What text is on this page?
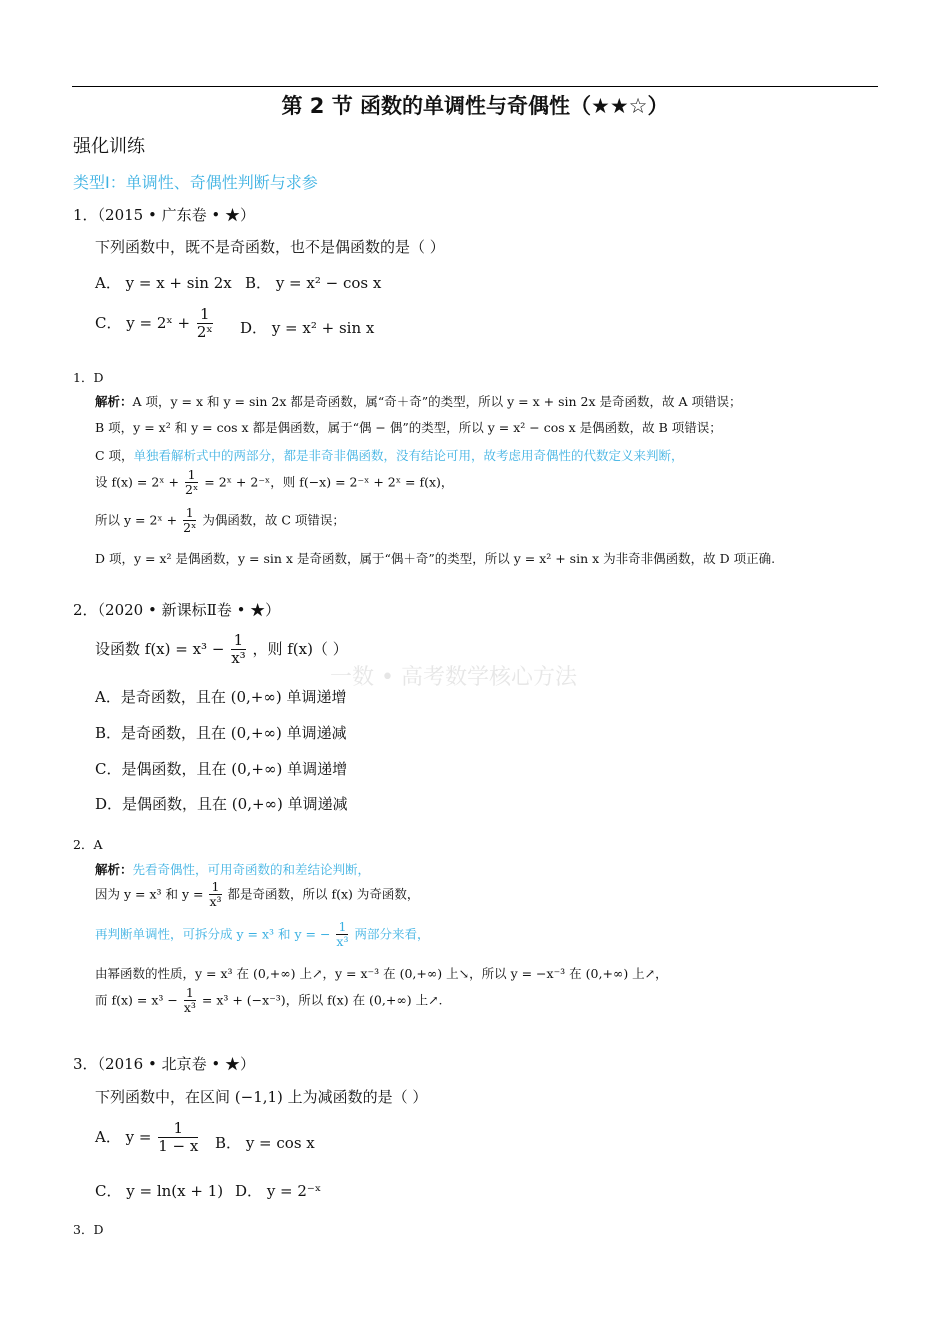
第 2 节 函数的单调性与奇偶性（★★☆）
强化训练
类型Ⅰ：单调性、奇偶性判断与求参
一数 • 高考数学核心方法
1．（2015 • 广东卷 • ★）
下列函数中，既不是奇函数，也不是偶函数的是（ ）
A． y = x + sin 2x B． y = x² − cos x
C． y = 2ˣ + $\frac{1}{\text{2ˣ}}$ D． y = x² + sin x
1．D
解析：A 项，y = x 和 y = sin 2x 都是奇函数，属“奇＋奇”的类型，所以 y = x + sin 2x 是奇函数，故 A 项错误；
B 项，y = x² 和 y = cos x 都是偶函数，属于“偶 − 偶”的类型，所以 y = x² − cos x 是偶函数，故 B 项错误；
C 项，单独看解析式中的两部分，都是非奇非偶函数，没有结论可用，故考虑用奇偶性的代数定义来判断，
设 f(x) = 2ˣ + $\frac{1}{\text{2ˣ}}$ = 2ˣ + 2⁻ˣ，则 f(−x) = 2⁻ˣ + 2ˣ = f(x)，
所以 y = 2ˣ + $\frac{1}{\text{2ˣ}}$ 为偶函数，故 C 项错误；
D 项，y = x² 是偶函数，y = sin x 是奇函数，属于“偶＋奇”的类型，所以 y = x² + sin x 为非奇非偶函数，故 D 项正确.
2．（2020 • 新课标Ⅱ卷 • ★）
设函数 $f(x) = x^3 - \frac{1}{\text{x³}}$ ，则 f(x)（ ）
A．是奇函数，且在 (0,+∞) 单调递增
B．是奇函数，且在 (0,+∞) 单调递减
C．是偶函数，且在 (0,+∞) 单调递增
D．是偶函数，且在 (0,+∞) 单调递减
2．A
解析：先看奇偶性，可用奇函数的和差结论判断，
因为 y = x³ 和 $y = \frac{1}{\text{x³}}$ 都是奇函数，所以 f(x) 为奇函数，
再判断单调性，可拆分成 y = x³ 和 y = − $\frac{1}{\text{x³}}$ 两部分来看，
由幂函数的性质，y = x³ 在 (0,+∞) 上↗，y = x⁻³ 在 (0,+∞) 上↘，所以 y = −x⁻³ 在 (0,+∞) 上↗，
而 $f(x) = x^3 - \frac{1}{\text{x³}} = x^3 + (-x^{-3})$，所以 f(x) 在 (0,+∞) 上↗.
3．（2016 • 北京卷 • ★）
下列函数中，在区间 (−1,1) 上为减函数的是（ ）
A． $y = \frac{1}{1 - x}$ B． y = cos x
C． y = ln(x + 1) D． y = 2⁻ˣ
3．D
